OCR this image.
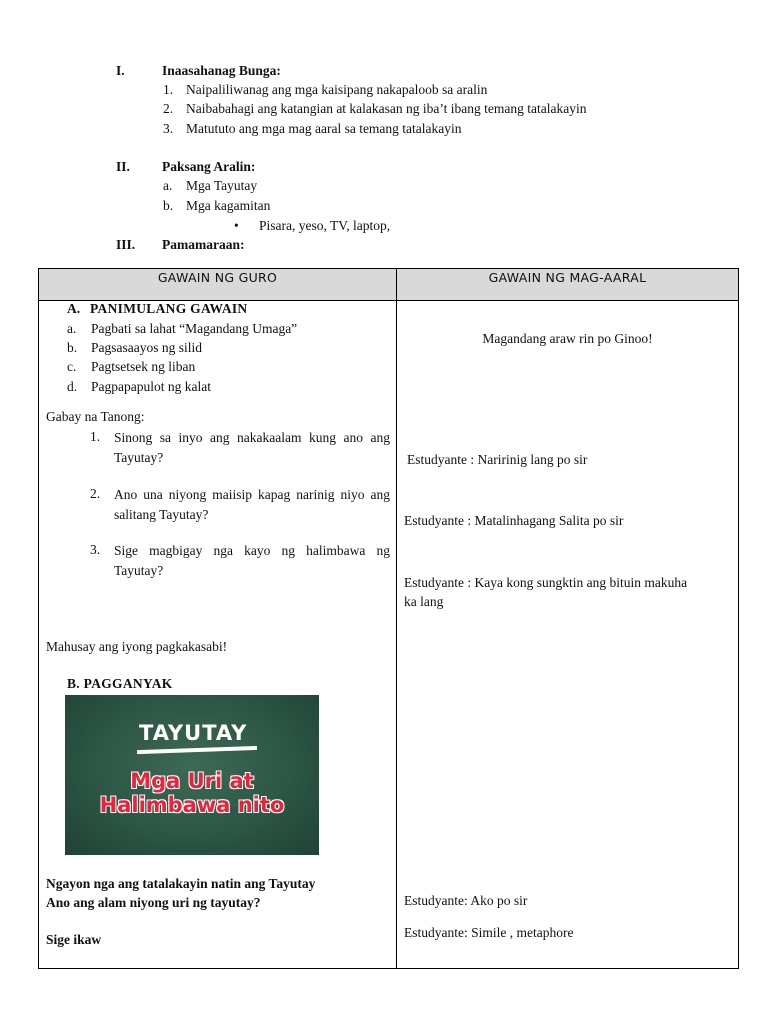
I.	Inaasahanag Bunga:
1. Naipaliliwanag ang mga kaisipang nakapaloob sa aralin
2. Naibabahagi ang katangian at kalakasan ng iba’t ibang temang tatalakayin
3. Matututo ang mga mag aaral sa temang tatalakayin
II. Paksang Aralin:
a. Mga Tayutay
b. Mga kagamitan
• Pisara, yeso, TV, laptop,
III. Pamamaraan:
GAWAIN NG GURO	GAWAIN NG MAG-AARAL
A. PANIMULANG GAWAIN
a. Pagbati sa lahat “Magandang Umaga”
b. Pagsasaayos ng silid
c. Pagtsetsek ng liban
d. Pagpapapulot ng kalat
Gabay na Tanong:
1. Sinong sa inyo ang nakakaalam kung ano ang Tayutay?
2. Ano una niyong maiisip kapag narinig niyo ang salitang Tayutay?
3. Sige magbigay nga kayo ng halimbawa ng Tayutay?
Mahusay ang iyong pagkakasabi!
B. PAGGANYAK
TAYUTAY
Mga Uri at
Halimbawa nito
Ngayon nga ang tatalakayin natin ang Tayutay
Ano ang alam niyong uri ng tayutay?
Sige ikaw
Magandang araw rin po Ginoo!
Estudyante : Naririnig lang po sir
Estudyante : Matalinhagang Salita po sir
Estudyante : Kaya kong sungktin ang bituin makuha
ka lang
Estudyante: Ako po sir
Estudyante: Simile , metaphore
